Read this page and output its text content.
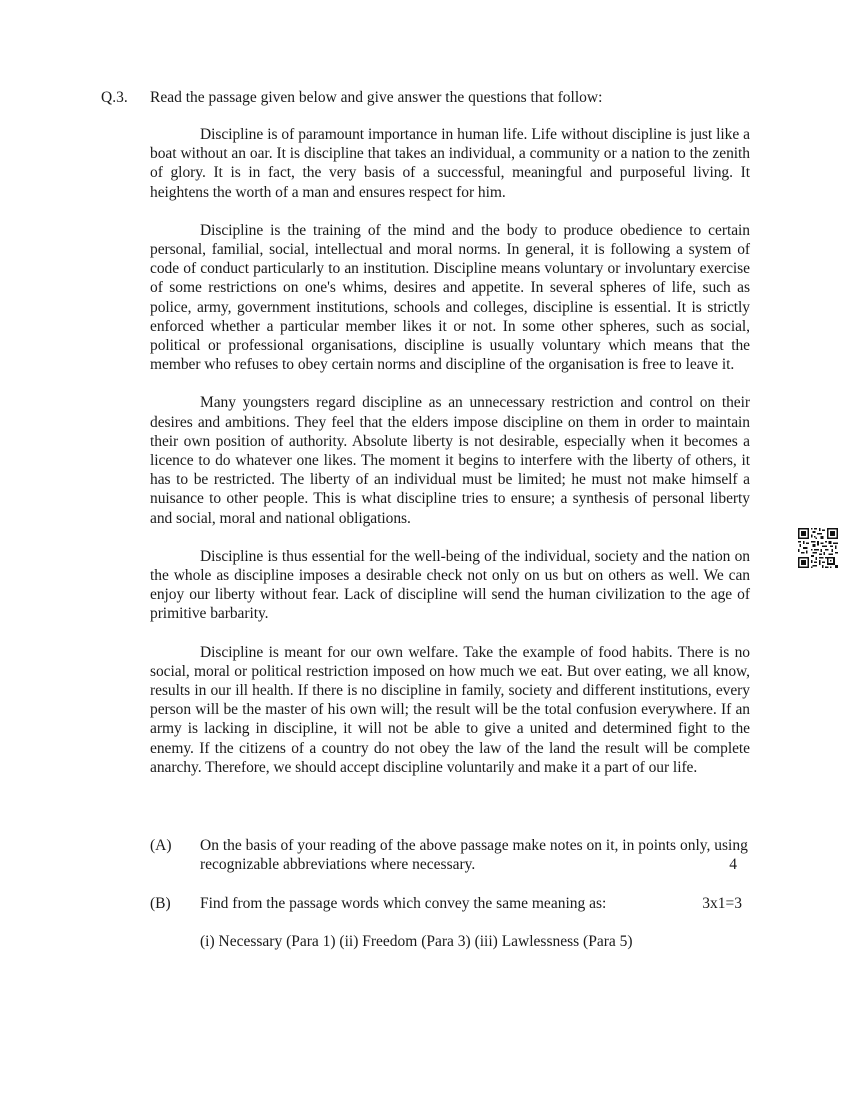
Q.3. Read the passage given below and give answer the questions that follow:

Discipline is of paramount importance in human life. Life without discipline is just like a boat without an oar. It is discipline that takes an individual, a community or a nation to the zenith of glory. It is in fact, the very basis of a successful, meaningful and purposeful living. It heightens the worth of a man and ensures respect for him.

Discipline is the training of the mind and the body to produce obedience to certain personal, familial, social, intellectual and moral norms. In general, it is following a system of code of conduct particularly to an institution. Discipline means voluntary or involuntary exercise of some restrictions on one's whims, desires and appetite. In several spheres of life, such as police, army, government institutions, schools and colleges, discipline is essential. It is strictly enforced whether a particular member likes it or not. In some other spheres, such as social, political or professional organisations, discipline is usually voluntary which means that the member who refuses to obey certain norms and discipline of the organisation is free to leave it.

Many youngsters regard discipline as an unnecessary restriction and control on their desires and ambitions. They feel that the elders impose discipline on them in order to maintain their own position of authority. Absolute liberty is not desirable, especially when it becomes a licence to do whatever one likes. The moment it begins to interfere with the liberty of others, it has to be restricted. The liberty of an individual must be limited; he must not make himself a nuisance to other people. This is what discipline tries to ensure; a synthesis of personal liberty and social, moral and national obligations.

Discipline is thus essential for the well-being of the individual, society and the nation on the whole as discipline imposes a desirable check not only on us but on others as well. We can enjoy our liberty without fear. Lack of discipline will send the human civilization to the age of primitive barbarity.

Discipline is meant for our own welfare. Take the example of food habits. There is no social, moral or political restriction imposed on how much we eat. But over eating, we all know, results in our ill health. If there is no discipline in family, society and different institutions, every person will be the master of his own will; the result will be the total confusion everywhere. If an army is lacking in discipline, it will not be able to give a united and determined fight to the enemy. If the citizens of a country do not obey the law of the land the result will be complete anarchy. Therefore, we should accept discipline voluntarily and make it a part of our life.

(A)	On the basis of your reading of the above passage make notes on it, in points only, using recognizable abbreviations where necessary.	4
(B)	Find from the passage words which convey the same meaning as:	3x1=3
(i) Necessary (Para 1) (ii) Freedom (Para 3) (iii) Lawlessness (Para 5)
